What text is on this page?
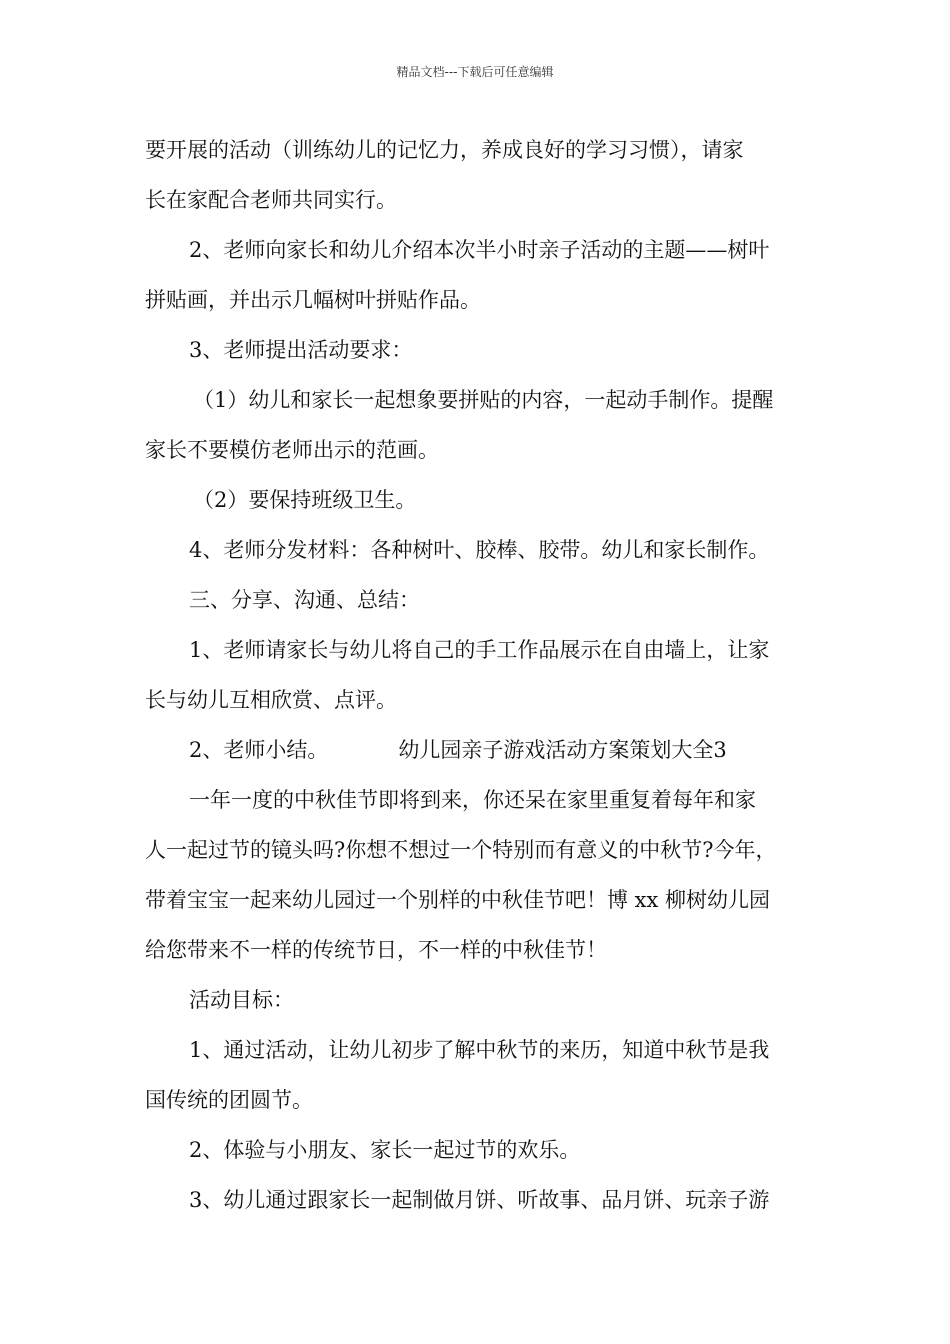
精品文档---下载后可任意编辑

要开展的活动（训练幼儿的记忆力，养成良好的学习习惯），请家

长在家配合老师共同实行。

2、老师向家长和幼儿介绍本次半小时亲子活动的主题——树叶

拼贴画，并出示几幅树叶拼贴作品。

3、老师提出活动要求：

（1）幼儿和家长一起想象要拼贴的内容，一起动手制作。提醒

家长不要模仿老师出示的范画。

（2）要保持班级卫生。

4、老师分发材料：各种树叶、胶棒、胶带。幼儿和家长制作。

三、分享、沟通、总结：

1、老师请家长与幼儿将自己的手工作品展示在自由墙上，让家

长与幼儿互相欣赏、点评。

2、老师小结。	幼儿园亲子游戏活动方案策划大全3

一年一度的中秋佳节即将到来，你还呆在家里重复着每年和家

人一起过节的镜头吗?你想不想过一个特别而有意义的中秋节?今年，

带着宝宝一起来幼儿园过一个别样的中秋佳节吧！博 xx 柳树幼儿园

给您带来不一样的传统节日，不一样的中秋佳节！

活动目标：

1、通过活动，让幼儿初步了解中秋节的来历，知道中秋节是我

国传统的团圆节。

2、体验与小朋友、家长一起过节的欢乐。

3、幼儿通过跟家长一起制做月饼、听故事、品月饼、玩亲子游
